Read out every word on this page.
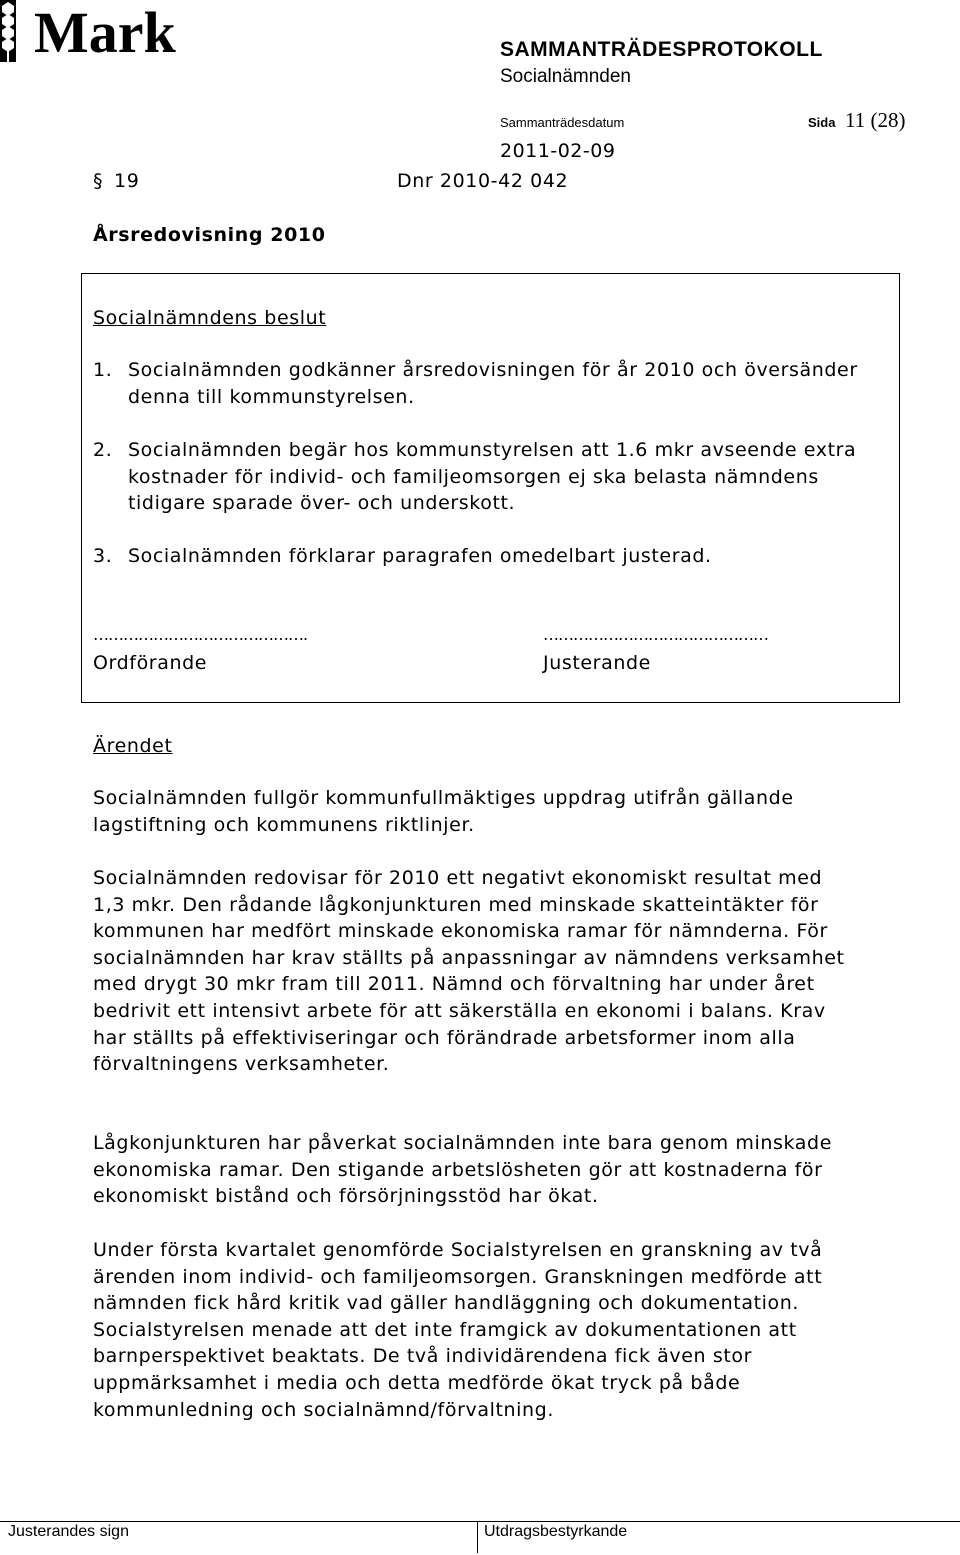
Mark	SAMMANTRÄDESPROTOKOLL
Socialnämnden
Sammanträdesdatum	Sida 11 (28)
2011-02-09
§ 19	Dnr 2010-42 042
Årsredovisning 2010
Socialnämndens beslut
1. Socialnämnden godkänner årsredovisningen för år 2010 och översänder denna till kommunstyrelsen.
2. Socialnämnden begär hos kommunstyrelsen att 1.6 mkr avseende extra kostnader för individ- och familjeomsorgen ej ska belasta nämndens tidigare sparade över- och underskott.
3. Socialnämnden förklarar paragrafen omedelbart justerad.
…………………………………….	………………………………………
Ordförande	Justerande
Ärendet

Socialnämnden fullgör kommunfullmäktiges uppdrag utifrån gällande lagstiftning och kommunens riktlinjer.

Socialnämnden redovisar för 2010 ett negativt ekonomiskt resultat med 1,3 mkr. Den rådande lågkonjunkturen med minskade skatteintäkter för kommunen har medfört minskade ekonomiska ramar för nämnderna. För socialnämnden har krav ställts på anpassningar av nämndens verksamhet med drygt 30 mkr fram till 2011. Nämnd och förvaltning har under året bedrivit ett intensivt arbete för att säkerställa en ekonomi i balans. Krav har ställts på effektiviseringar och förändrade arbetsformer inom alla förvaltningens verksamheter.

Lågkonjunkturen har påverkat socialnämnden inte bara genom minskade ekonomiska ramar. Den stigande arbetslösheten gör att kostnaderna för ekonomiskt bistånd och försörjningsstöd har ökat.

Under första kvartalet genomförde Socialstyrelsen en granskning av två ärenden inom individ- och familjeomsorgen. Granskningen medförde att nämnden fick hård kritik vad gäller handläggning och dokumentation. Socialstyrelsen menade att det inte framgick av dokumentationen att barnperspektivet beaktats. De två individärendena fick även stor uppmärksamhet i media och detta medförde ökat tryck på både kommunledning och socialnämnd/förvaltning.

Justerandes sign	Utdragsbestyrkande
